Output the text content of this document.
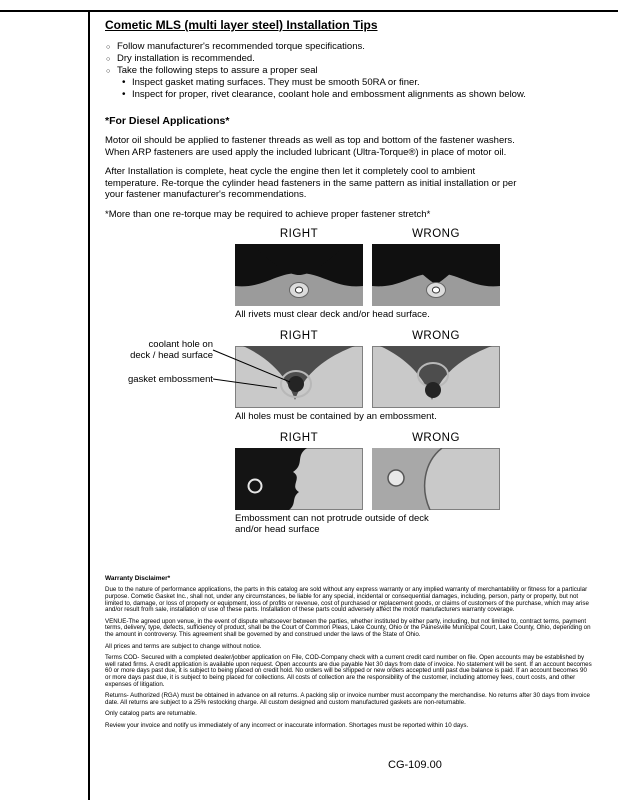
Cometic MLS (multi layer steel) Installation Tips
○ Follow manufacturer's recommended torque specifications.
○ Dry installation is recommended.
○ Take the following steps to assure a proper seal
• Inspect gasket mating surfaces. They must be smooth 50RA or finer.
• Inspect for proper, rivet clearance, coolant hole and embossment alignments as shown below.
*For Diesel Applications*

Motor oil should be applied to fastener threads as well as top and bottom of the fastener washers. When ARP fasteners are used apply the included lubricant (Ultra-Torque®) in place of motor oil.

After Installation is complete, heat cycle the engine then let it completely cool to ambient temperature. Re-torque the cylinder head fasteners in the same pattern as initial installation or per your fastener manufacturer's recommendations.

*More than one re-torque may be required to achieve proper fastener stretch*

RIGHT	WRONG
All rivets must clear deck and/or head surface.
RIGHT	WRONG
All holes must be contained by an embossment.
coolant hole on
deck / head surface
gasket embossment
RIGHT	WRONG
Embossment can not protrude outside of deck and/or head surface
Warranty Disclaimer*

Due to the nature of performance applications, the parts in this catalog are sold without any express warranty or any implied warranty of merchantability or fitness for a particular purpose. Cometic Gasket Inc., shall not, under any circumstances, be liable for any special, incidental or consequential damages, including, person, party or property, but not limited to, damage, or loss of property or equipment, loss of profits or revenue, cost of purchased or replacement goods, or claims of customers of the purchase, which may arise and/or result from sale, installation or use of these parts. Installation of these parts could adversely affect the motor manufacturers warranty coverage.

VENUE-The agreed upon venue, in the event of dispute whatsoever between the parties, whether instituted by either party, including, but not limited to, contract terms, payment terms, delivery, type, defects, sufficiency of product, shall be the Court of Common Pleas, Lake County, Ohio or the Painesville Municipal Court, Lake County, Ohio, depending on the amount in controversy. This agreement shall be governed by and construed under the laws of the State of Ohio.

All prices and terms are subject to change without notice.

Terms COD- Secured with a completed dealer/jobber application on File, COD-Company check with a current credit card number on file. Open accounts may be established by well rated firms. A credit application is available upon request. Open accounts are due payable Net 30 days from date of invoice. No statement will be sent. If an account becomes 60 or more days past due, it is subject to being placed on credit hold. No orders will be shipped or new orders accepted until past due balance is paid. If an account becomes 90 or more days past due, it is subject to being placed for collections. All costs of collection are the responsibility of the customer, including attorney fees, court costs, and other expenses of litigation.

Returns- Authorized (RGA) must be obtained in advance on all returns. A packing slip or invoice number must accompany the merchandise. No returns after 30 days from invoice date. All returns are subject to a 25% restocking charge. All custom designed and custom manufactured gaskets are non-returnable.

Only catalog parts are returnable.

Review your invoice and notify us immediately of any incorrect or inaccurate information. Shortages must be reported within 10 days.

CG-109.00
